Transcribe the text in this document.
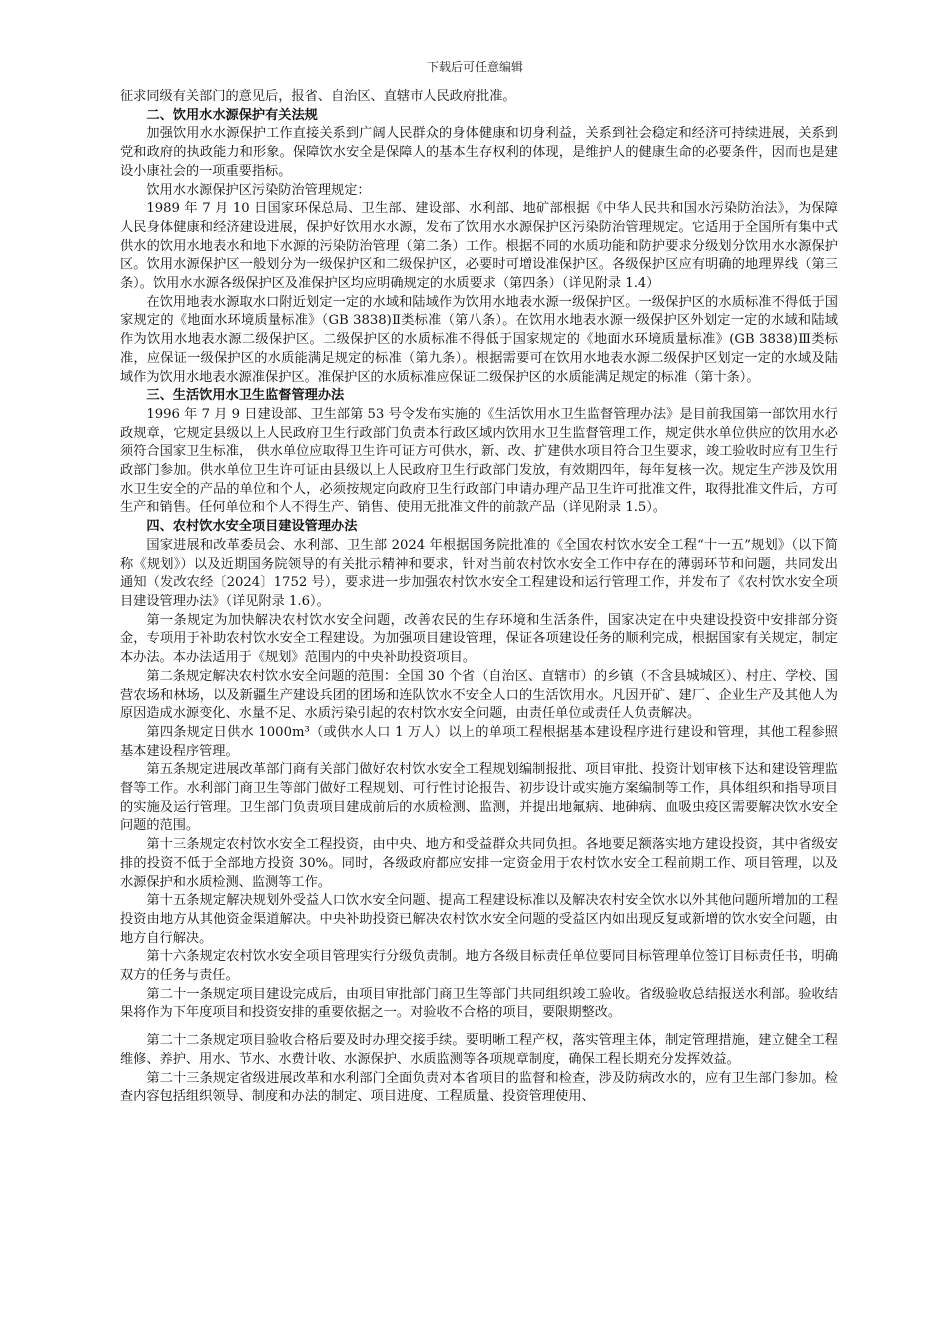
下载后可任意编辑

征求同级有关部门的意见后，报省、自治区、直辖市人民政府批准。

二、饮用水水源保护有关法规

加强饮用水水源保护工作直接关系到广阔人民群众的身体健康和切身利益，关系到社会稳定和经济可持续进展，关系到党和政府的执政能力和形象。保障饮水安全是保障人的基本生存权利的体现，是维护人的健康生命的必要条件，因而也是建设小康社会的一项重要指标。

饮用水水源保护区污染防治管理规定：

1989 年 7 月 10 日国家环保总局、卫生部、建设部、水利部、地矿部根据《中华人民共和国水污染防治法》，为保障人民身体健康和经济建设进展，保护好饮用水水源，发布了饮用水水源保护区污染防治管理规定。它适用于全国所有集中式供水的饮用水地表水和地下水源的污染防治管理（第二条）工作。根据不同的水质功能和防护要求分级划分饮用水水源保护区。饮用水源保护区一般划分为一级保护区和二级保护区，必要时可增设准保护区。各级保护区应有明确的地理界线（第三条）。饮用水水源各级保护区及准保护区均应明确规定的水质要求（第四条）（详见附录 1.4）

在饮用地表水源取水口附近划定一定的水域和陆域作为饮用水地表水源一级保护区。一级保护区的水质标准不得低于国家规定的《地面水环境质量标准》（GB 3838)Ⅱ类标准（第八条）。在饮用水地表水源一级保护区外划定一定的水域和陆域作为饮用水地表水源二级保护区。二级保护区的水质标准不得低于国家规定的《地面水环境质量标准》(GB 3838)Ⅲ类标准，应保证一级保护区的水质能满足规定的标准（第九条）。根据需要可在饮用水地表水源二级保护区划定一定的水域及陆域作为饮用水地表水源准保护区。准保护区的水质标准应保证二级保护区的水质能满足规定的标准（第十条）。

三、生活饮用水卫生监督管理办法

1996 年 7 月 9 日建设部、卫生部第 53 号令发布实施的《生活饮用水卫生监督管理办法》是目前我国第一部饮用水行政规章，它规定县级以上人民政府卫生行政部门负责本行政区域内饮用水卫生监督管理工作，规定供水单位供应的饮用水必须符合国家卫生标准， 供水单位应取得卫生许可证方可供水，新、改、扩建供水项目符合卫生要求，竣工验收时应有卫生行政部门参加。供水单位卫生许可证由县级以上人民政府卫生行政部门发放，有效期四年，每年复核一次。规定生产涉及饮用水卫生安全的产品的单位和个人，必须按规定向政府卫生行政部门申请办理产品卫生许可批准文件，取得批准文件后，方可生产和销售。任何单位和个人不得生产、销售、使用无批准文件的前款产品（详见附录 1.5）。

四、农村饮水安全项目建设管理办法

国家进展和改革委员会、水利部、卫生部 2024 年根据国务院批准的《全国农村饮水安全工程“十一五”规划》（以下简称《规划》）以及近期国务院领导的有关批示精神和要求，针对当前农村饮水安全工作中存在的薄弱环节和问题，共同发出通知（发改农经〔2024〕1752 号），要求进一步加强农村饮水安全工程建设和运行管理工作，并发布了《农村饮水安全项目建设管理办法》（详见附录 1.6）。

第一条规定为加快解决农村饮水安全问题，改善农民的生存环境和生活条件，国家决定在中央建设投资中安排部分资金，专项用于补助农村饮水安全工程建设。为加强项目建设管理，保证各项建设任务的顺利完成，根据国家有关规定，制定本办法。本办法适用于《规划》范围内的中央补助投资项目。

第二条规定解决农村饮水安全问题的范围：全国 30 个省（自治区、直辖市）的乡镇（不含县城城区）、村庄、学校、国营农场和林场，以及新疆生产建设兵团的团场和连队饮水不安全人口的生活饮用水。凡因开矿、建厂、企业生产及其他人为原因造成水源变化、水量不足、水质污染引起的农村饮水安全问题，由责任单位或责任人负责解决。

第四条规定日供水 1000m³（或供水人口 1 万人）以上的单项工程根据基本建设程序进行建设和管理，其他工程参照基本建设程序管理。

第五条规定进展改革部门商有关部门做好农村饮水安全工程规划编制报批、项目审批、投资计划审核下达和建设管理监督等工作。水利部门商卫生等部门做好工程规划、可行性讨论报告、初步设计或实施方案编制等工作，具体组织和指导项目的实施及运行管理。卫生部门负责项目建成前后的水质检测、监测，并提出地氟病、地砷病、血吸虫疫区需要解决饮水安全问题的范围。

第十三条规定农村饮水安全工程投资，由中央、地方和受益群众共同负担。各地要足额落实地方建设投资，其中省级安排的投资不低于全部地方投资 30%。同时，各级政府都应安排一定资金用于农村饮水安全工程前期工作、项目管理，以及水源保护和水质检测、监测等工作。

第十五条规定解决规划外受益人口饮水安全问题、提高工程建设标准以及解决农村安全饮水以外其他问题所增加的工程投资由地方从其他资金渠道解决。中央补助投资已解决农村饮水安全问题的受益区内如出现反复或新增的饮水安全问题，由地方自行解决。

第十六条规定农村饮水安全项目管理实行分级负责制。地方各级目标责任单位要同目标管理单位签订目标责任书，明确双方的任务与责任。

第二十一条规定项目建设完成后，由项目审批部门商卫生等部门共同组织竣工验收。省级验收总结报送水利部。验收结果将作为下年度项目和投资安排的重要依据之一。对验收不合格的项目，要限期整改。

第二十二条规定项目验收合格后要及时办理交接手续。要明晰工程产权，落实管理主体，制定管理措施，建立健全工程维修、养护、用水、节水、水费计收、水源保护、水质监测等各项规章制度，确保工程长期充分发挥效益。

第二十三条规定省级进展改革和水利部门全面负责对本省项目的监督和检查，涉及防病改水的，应有卫生部门参加。检查内容包括组织领导、制度和办法的制定、项目进度、工程质量、投资管理使用、
